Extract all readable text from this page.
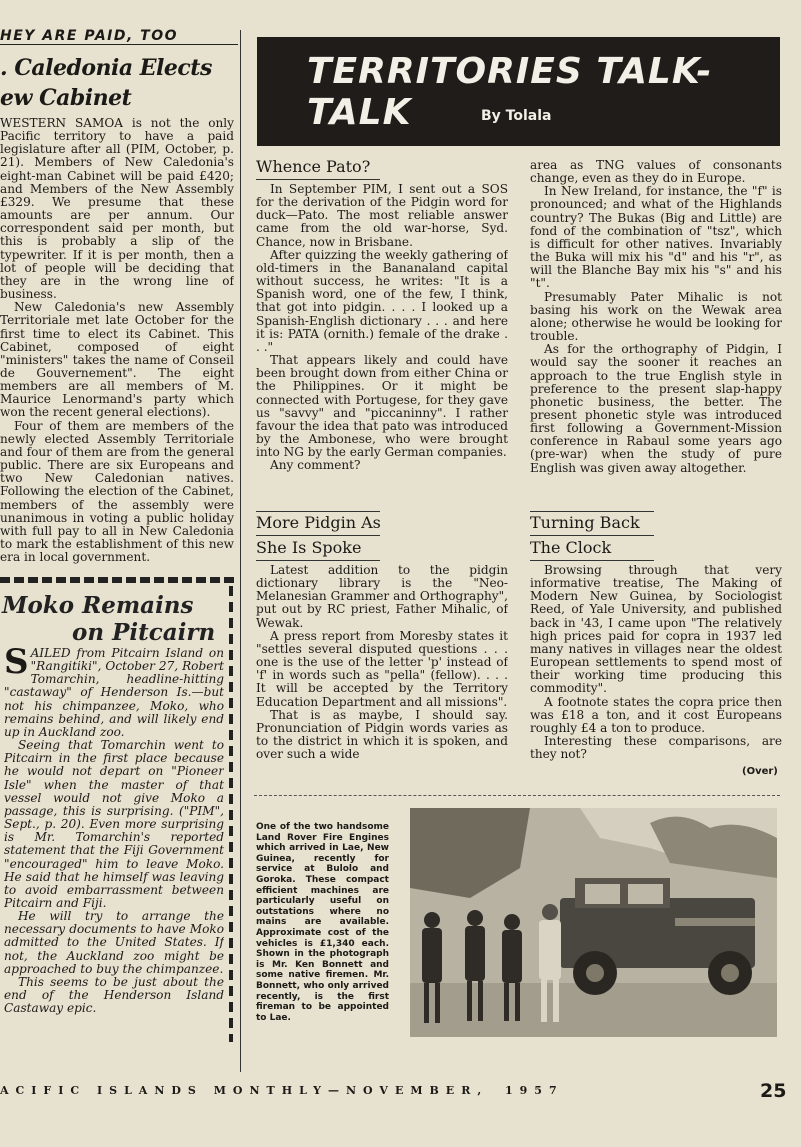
HEY ARE PAID, TOO
. Caledonia Elects
ew Cabinet

WESTERN SAMOA is not the only Pacific territory to have a paid legislature after all (PIM, October, p. 21). Members of New Caledonia's eight-man Cabinet will be paid £420; and Members of the New Assembly £329. We presume that these amounts are per annum. Our correspondent said per month, but this is probably a slip of the typewriter. If it is per month, then a lot of people will be deciding that they are in the wrong line of business.

New Caledonia's new Assembly Territoriale met late October for the first time to elect its Cabinet. This Cabinet, composed of eight "ministers" takes the name of Conseil de Gouvernement". The eight members are all members of M. Maurice Lenormand's party which won the recent general elections).

Four of them are members of the newly elected Assembly Territoriale and four of them are from the general public. There are six Europeans and two New Caledonian natives. Following the election of the Cabinet, members of the assembly were unanimous in voting a public holiday with full pay to all in New Caledonia to mark the establishment of this new era in local government.

Moko Remains
on Pitcairn

SAILED from Pitcairn Island on "Rangitiki", October 27, Robert Tomarchin, headline-hitting "castaway" of Henderson Is.—but not his chimpanzee, Moko, who remains behind, and will likely end up in Auckland zoo.

Seeing that Tomarchin went to Pitcairn in the first place because he would not depart on "Pioneer Isle" when the master of that vessel would not give Moko a passage, this is surprising. ("PIM", Sept., p. 20). Even more surprising is Mr. Tomarchin's reported statement that the Fiji Government "encouraged" him to leave Moko. He said that he himself was leaving to avoid embarrassment between Pitcairn and Fiji.

He will try to arrange the necessary documents to have Moko admitted to the United States. If not, the Auckland zoo might be approached to buy the chimpanzee.

This seems to be just about the end of the Henderson Island Castaway epic.

TERRITORIES TALK-TALK	By Tolala
Whence Pato?

In September PIM, I sent out a SOS for the derivation of the Pidgin word for duck—Pato. The most reliable answer came from the old war-horse, Syd. Chance, now in Brisbane.

After quizzing the weekly gathering of old-timers in the Bananaland capital without success, he writes: "It is a Spanish word, one of the few, I think, that got into pidgin. . . . I looked up a Spanish-English dictionary . . . and here it is: PATA (ornith.) female of the drake . . ."

That appears likely and could have been brought down from either China or the Philippines. Or it might be connected with Portugese, for they gave us "savvy" and "piccaninny". I rather favour the idea that pato was introduced by the Ambonese, who were brought into NG by the early German companies.

Any comment?

More Pidgin As
She Is Spoke

Latest addition to the pidgin dictionary library is the "Neo-Melanesian Grammer and Orthography", put out by RC priest, Father Mihalic, of Wewak.

A press report from Moresby states it "settles several disputed questions . . . one is the use of the letter 'p' instead of 'f' in words such as "pella" (fellow). . . . It will be accepted by the Territory Education Department and all missions".

That is as maybe, I should say. Pronunciation of Pidgin words varies as to the district in which it is spoken, and over such a wide

area as TNG values of consonants change, even as they do in Europe.

In New Ireland, for instance, the "f" is pronounced; and what of the Highlands country? The Bukas (Big and Little) are fond of the combination of "tsz", which is difficult for other natives. Invariably the Buka will mix his "d" and his "r", as will the Blanche Bay mix his "s" and his "t".

Presumably Pater Mihalic is not basing his work on the Wewak area alone; otherwise he would be looking for trouble.

As for the orthography of Pidgin, I would say the sooner it reaches an approach to the true English style in preference to the present slap-happy phonetic business, the better. The present phonetic style was introduced first following a Government-Mission conference in Rabaul some years ago (pre-war) when the study of pure English was given away altogether.

Turning Back
The Clock

Browsing through that very informative treatise, The Making of Modern New Guinea, by Sociologist Reed, of Yale University, and published back in '43, I came upon "The relatively high prices paid for copra in 1937 led many natives in villages near the oldest European settlements to spend most of their working time producing this commodity".

A footnote states the copra price then was £18 a ton, and it cost Europeans roughly £4 a ton to produce.

Interesting these comparisons, are they not?

(Over)
One of the two handsome Land Rover Fire Engines which arrived in Lae, New Guinea, recently for service at Bulolo and Goroka. These compact efficient machines are particularly useful on outstations where no mains are available. Approximate cost of the vehicles is £1,340 each. Shown in the photograph is Mr. Ken Bonnett and some native firemen. Mr. Bonnett, who only arrived recently, is the first fireman to be appointed to Lae.
ACIFIC ISLANDS MONTHLY—NOVEMBER, 1957	25
